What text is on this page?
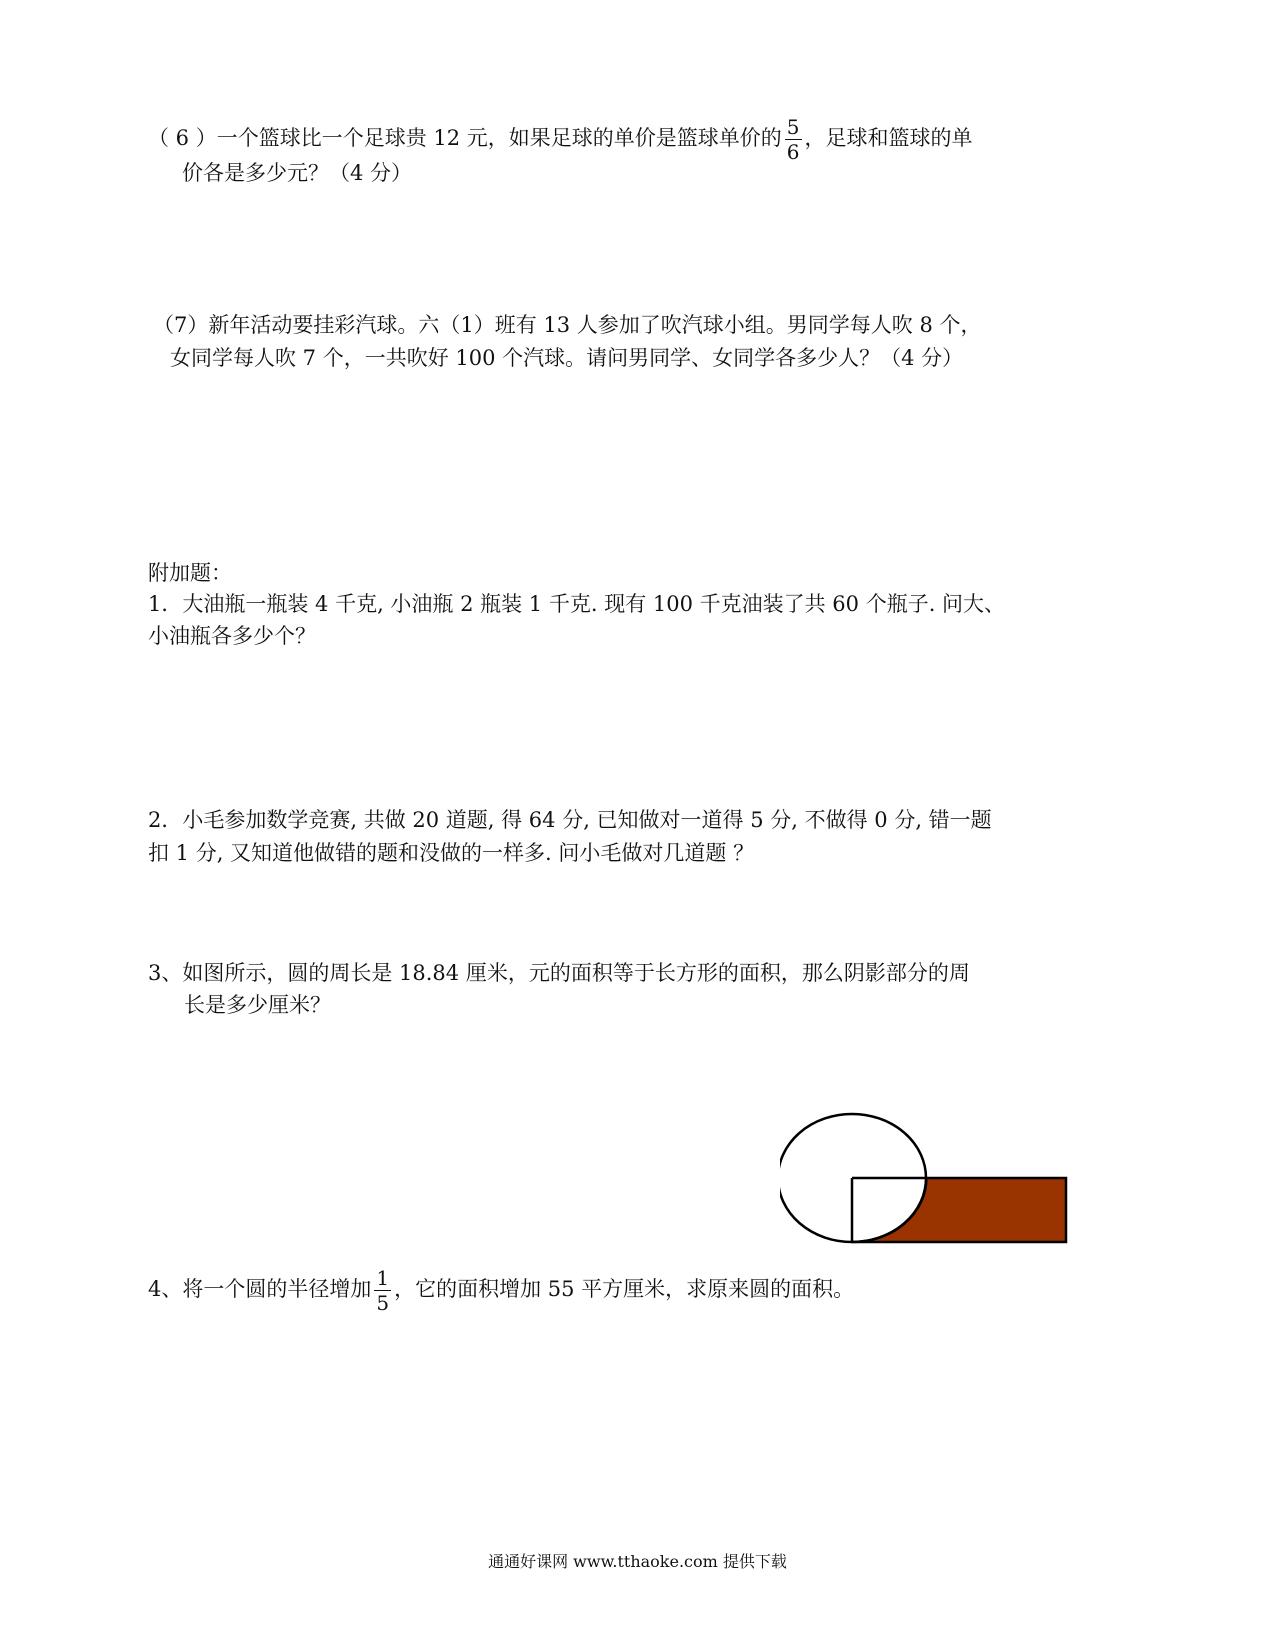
（ 6 ）一个篮球比一个足球贵 12 元，如果足球的单价是篮球单价的 $\frac{5}{6}$ ，足球和篮球的单
价各是多少元？（4 分）
（7）新年活动要挂彩汽球。六（1）班有 13 人参加了吹汽球小组。男同学每人吹 8 个，
女同学每人吹 7 个，一共吹好 100 个汽球。请问男同学、女同学各多少人？（4 分）
附加题：
1．大油瓶一瓶装 4 千克, 小油瓶 2 瓶装 1 千克. 现有 100 千克油装了共 60 个瓶子. 问大、
小油瓶各多少个？
2．小毛参加数学竞赛, 共做 20 道题, 得 64 分, 已知做对一道得 5 分, 不做得 0 分, 错一题
扣 1 分, 又知道他做错的题和没做的一样多. 问小毛做对几道题 ？
3、如图所示，圆的周长是 18.84 厘米，元的面积等于长方形的面积，那么阴影部分的周
长是多少厘米？
4、将一个圆的半径增加 $\frac{1}{5}$ ，它的面积增加 55 平方厘米，求原来圆的面积。
通通好课网 www.tthaoke.com 提供下载
